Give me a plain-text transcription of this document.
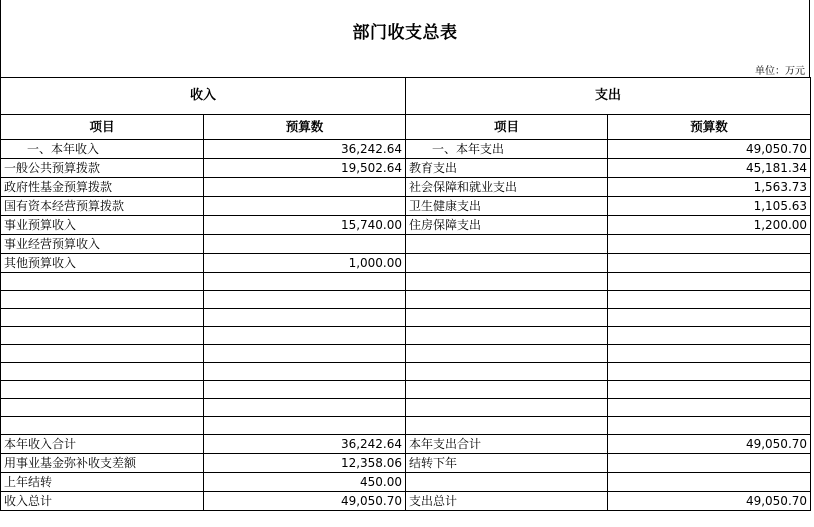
部门收支总表
单位：万元
收入		支出	
项目	预算数	项目	预算数
一、本年收入	36,242.64	一、本年支出	49,050.70
一般公共预算拨款	19,502.64	教育支出	45,181.34
政府性基金预算拨款		社会保障和就业支出	1,563.73
国有资本经营预算拨款		卫生健康支出	1,105.63
事业预算收入	15,740.00	住房保障支出	1,200.00
事业经营预算收入			
其他预算收入	1,000.00		

本年收入合计	36,242.64	本年支出合计	49,050.70
用事业基金弥补收支差额	12,358.06	结转下年	
上年结转	450.00		
收入总计	49,050.70	支出总计	49,050.70
